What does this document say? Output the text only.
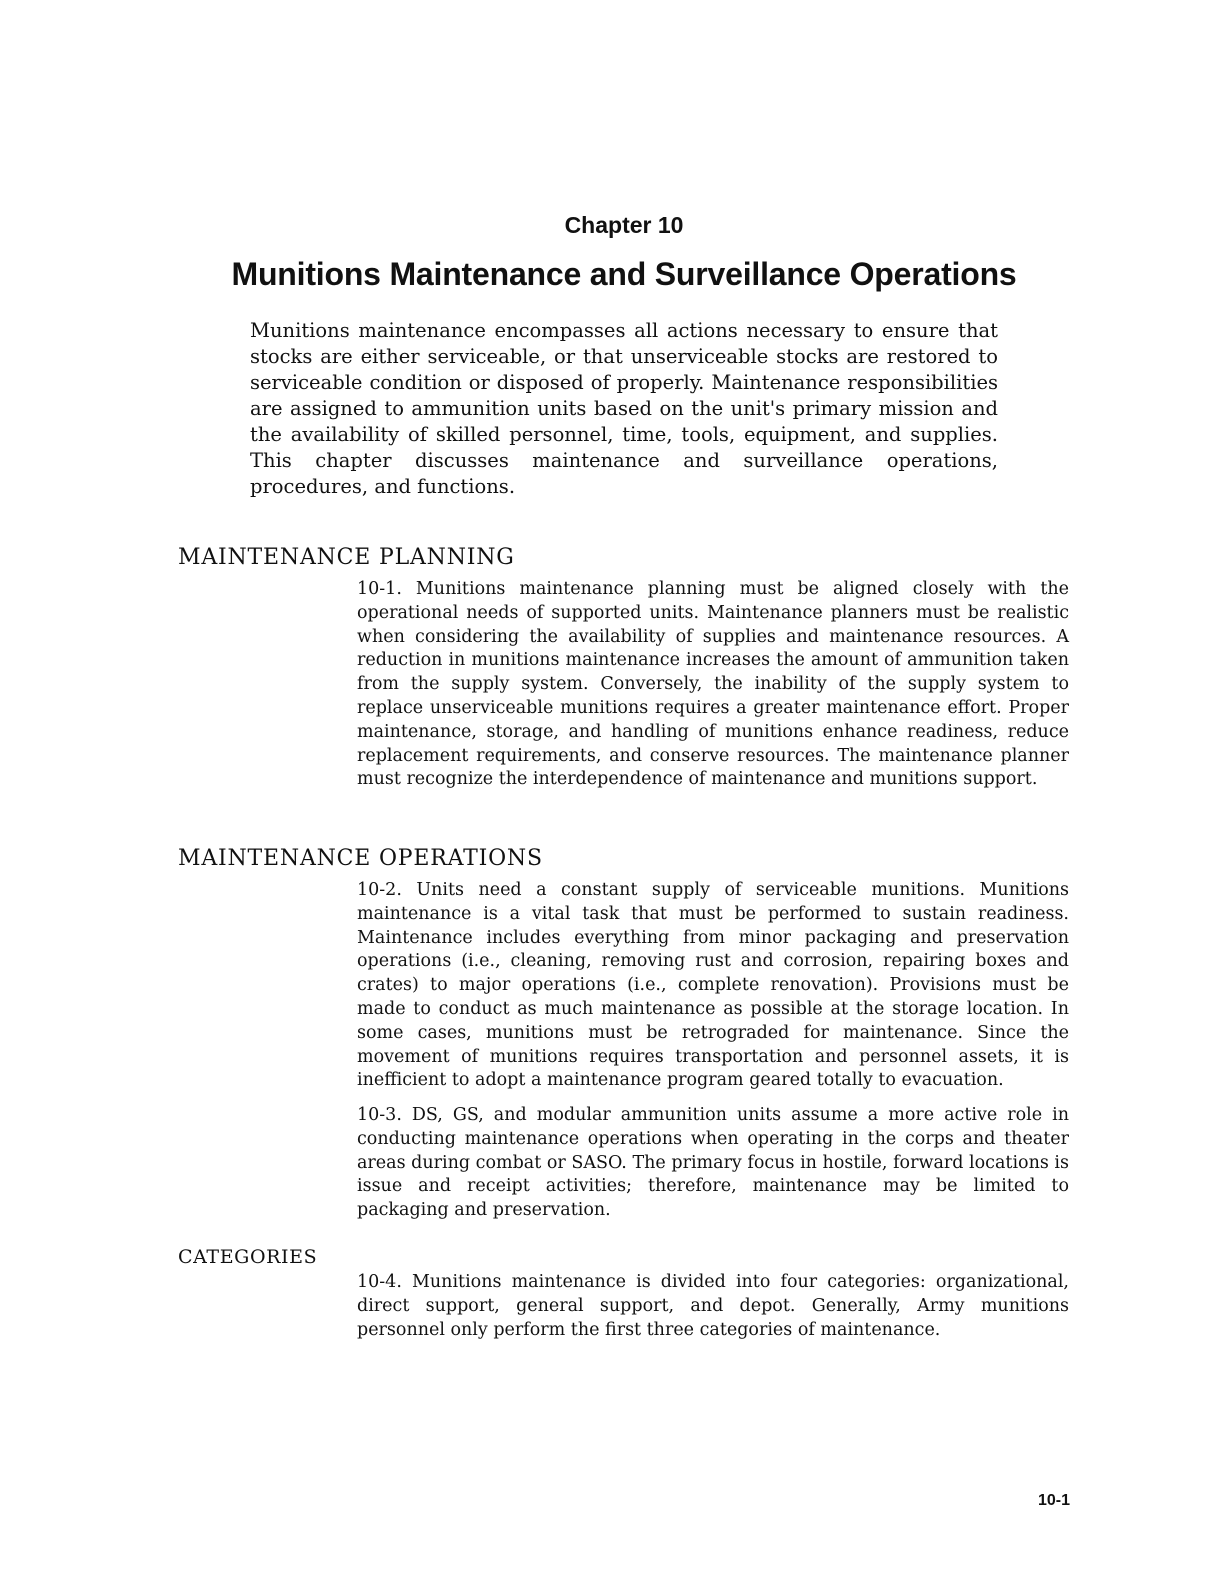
Chapter 10
Munitions Maintenance and Surveillance Operations

Munitions maintenance encompasses all actions necessary to ensure that stocks are either serviceable, or that unserviceable stocks are restored to serviceable condition or disposed of properly. Maintenance responsibilities are assigned to ammunition units based on the unit's primary mission and the availability of skilled personnel, time, tools, equipment, and supplies. This chapter discusses maintenance and surveillance operations, procedures, and functions.

MAINTENANCE PLANNING

10-1. Munitions maintenance planning must be aligned closely with the operational needs of supported units. Maintenance planners must be realistic when considering the availability of supplies and maintenance resources. A reduction in munitions maintenance increases the amount of ammunition taken from the supply system. Conversely, the inability of the supply system to replace unserviceable munitions requires a greater maintenance effort. Proper maintenance, storage, and handling of munitions enhance readiness, reduce replacement requirements, and conserve resources. The maintenance planner must recognize the interdependence of maintenance and munitions support.

MAINTENANCE OPERATIONS

10-2. Units need a constant supply of serviceable munitions. Munitions maintenance is a vital task that must be performed to sustain readiness. Maintenance includes everything from minor packaging and preservation operations (i.e., cleaning, removing rust and corrosion, repairing boxes and crates) to major operations (i.e., complete renovation). Provisions must be made to conduct as much maintenance as possible at the storage location. In some cases, munitions must be retrograded for maintenance. Since the movement of munitions requires transportation and personnel assets, it is inefficient to adopt a maintenance program geared totally to evacuation.

10-3. DS, GS, and modular ammunition units assume a more active role in conducting maintenance operations when operating in the corps and theater areas during combat or SASO. The primary focus in hostile, forward locations is issue and receipt activities; therefore, maintenance may be limited to packaging and preservation.

CATEGORIES

10-4. Munitions maintenance is divided into four categories: organizational, direct support, general support, and depot. Generally, Army munitions personnel only perform the first three categories of maintenance.

10-1
